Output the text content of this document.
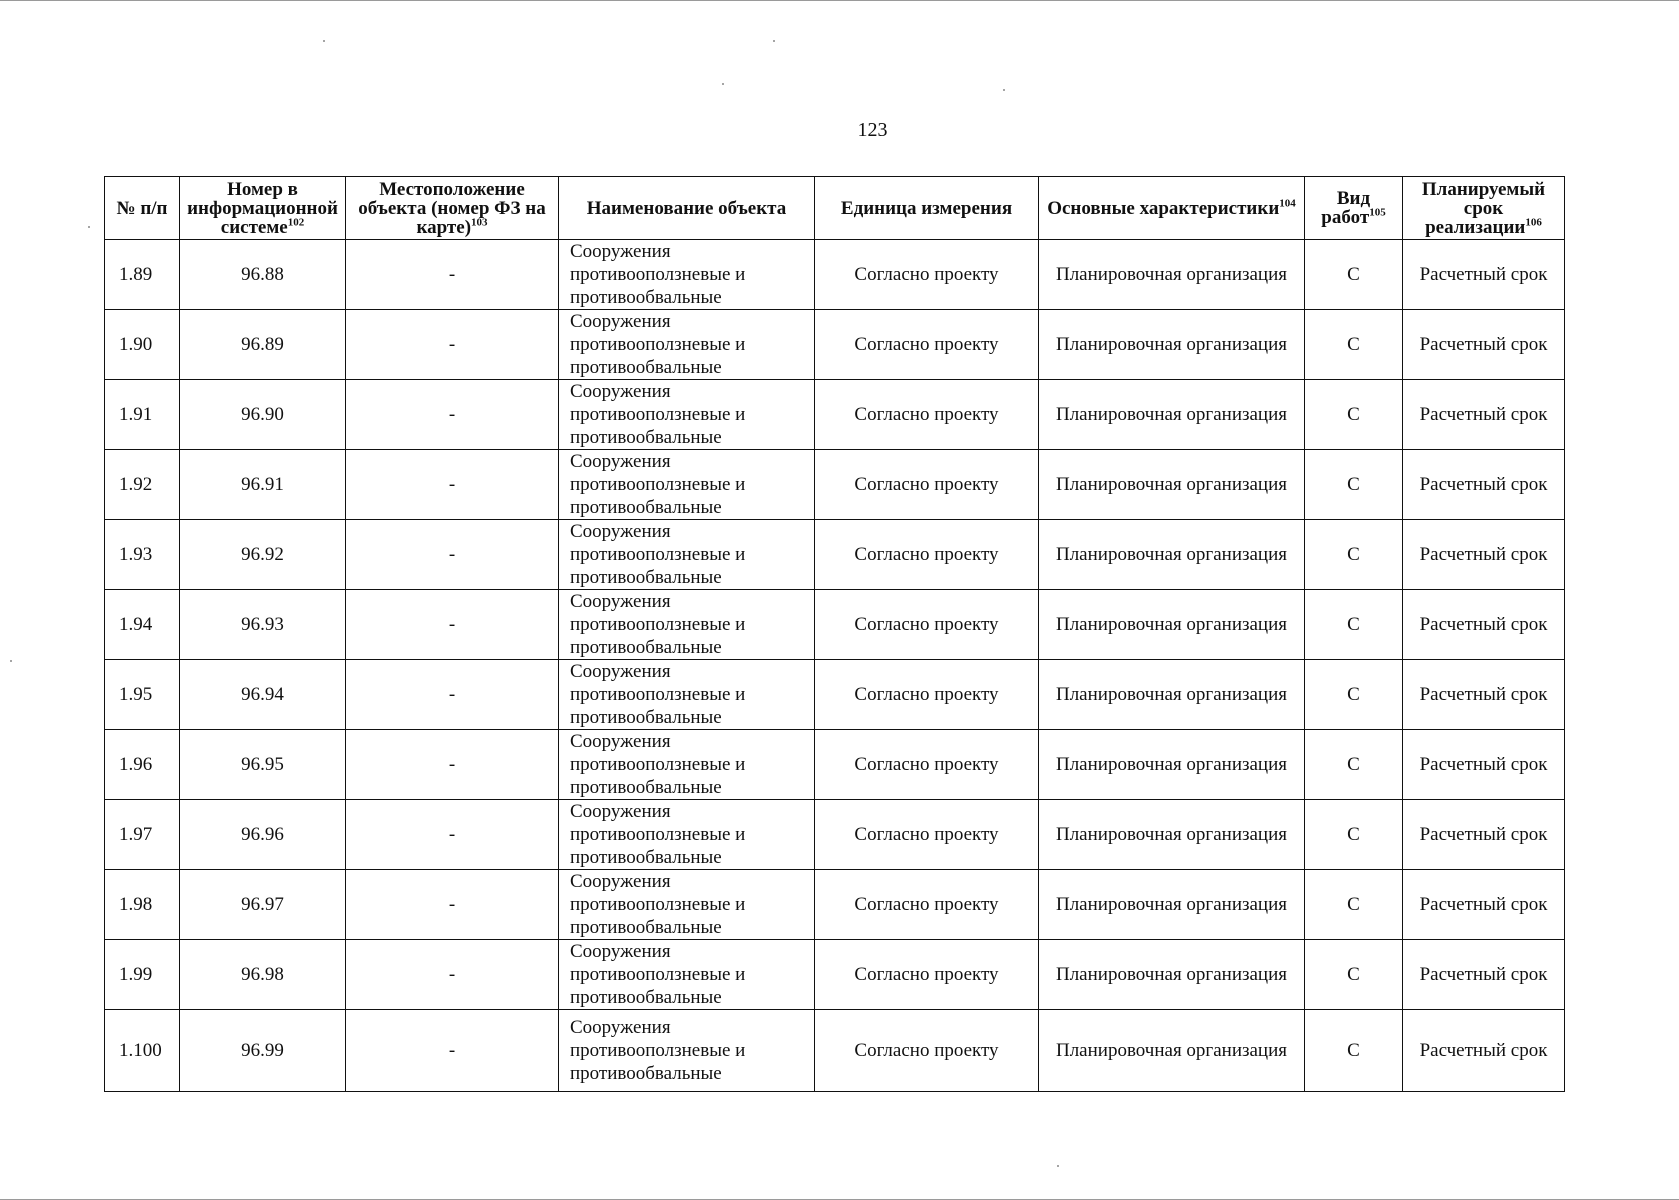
123
№ п/п	Номер в информационной системе$^{102}$	Местоположение объекта (номер ФЗ на карте)$^{103}$	Наименование объекта	Единица измерения	Основные характеристики$^{104}$	Вид работ$^{105}$	Планируемый срок реализации$^{106}$
1.89	96.88	-	Сооружения противооползневые и противообвальные	Согласно проекту	Планировочная организация	С	Расчетный срок
1.90	96.89	-	Сооружения противооползневые и противообвальные	Согласно проекту	Планировочная организация	С	Расчетный срок
1.91	96.90	-	Сооружения противооползневые и противообвальные	Согласно проекту	Планировочная организация	С	Расчетный срок
1.92	96.91	-	Сооружения противооползневые и противообвальные	Согласно проекту	Планировочная организация	С	Расчетный срок
1.93	96.92	-	Сооружения противооползневые и противообвальные	Согласно проекту	Планировочная организация	С	Расчетный срок
1.94	96.93	-	Сооружения противооползневые и противообвальные	Согласно проекту	Планировочная организация	С	Расчетный срок
1.95	96.94	-	Сооружения противооползневые и противообвальные	Согласно проекту	Планировочная организация	С	Расчетный срок
1.96	96.95	-	Сооружения противооползневые и противообвальные	Согласно проекту	Планировочная организация	С	Расчетный срок
1.97	96.96	-	Сооружения противооползневые и противообвальные	Согласно проекту	Планировочная организация	С	Расчетный срок
1.98	96.97	-	Сооружения противооползневые и противообвальные	Согласно проекту	Планировочная организация	С	Расчетный срок
1.99	96.98	-	Сооружения противооползневые и противообвальные	Согласно проекту	Планировочная организация	С	Расчетный срок
1.100	96.99	-	Сооружения противооползневые и противообвальные	Согласно проекту	Планировочная организация	С	Расчетный срок
